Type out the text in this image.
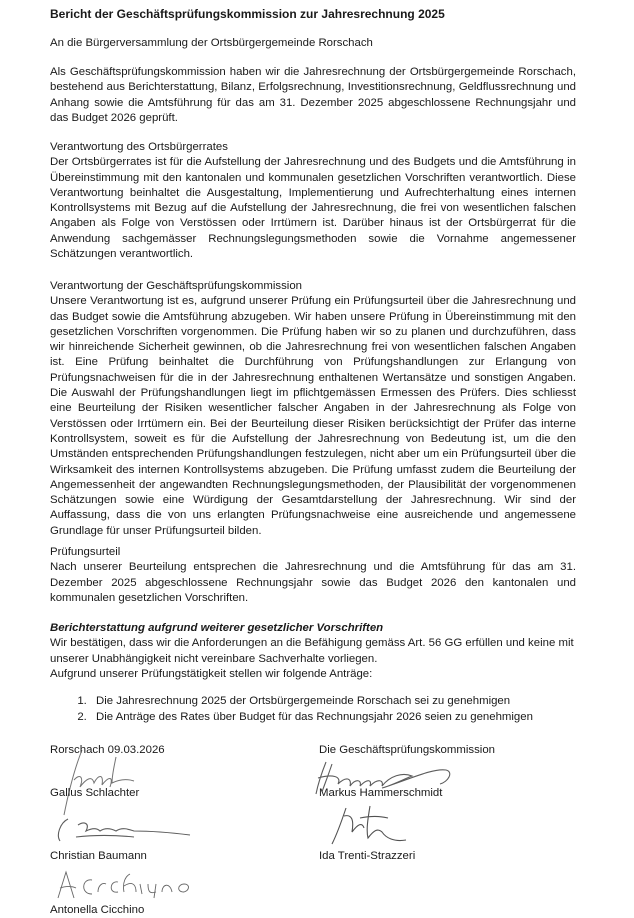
Bericht der Geschäftsprüfungskommission zur Jahresrechnung 2025
An die Bürgerversammlung der Ortsbürgergemeinde Rorschach
Als Geschäftsprüfungskommission haben wir die Jahresrechnung der Ortsbürgergemeinde Rorschach, bestehend aus Berichterstattung, Bilanz, Erfolgsrechnung, Investitionsrechnung, Geldflussrechnung und Anhang sowie die Amtsführung für das am 31. Dezember 2025 abgeschlossene Rechnungsjahr und das Budget 2026 geprüft.
Verantwortung des Ortsbürgerrates
Der Ortsbürgerrates ist für die Aufstellung der Jahresrechnung und des Budgets und die Amtsführung in Übereinstimmung mit den kantonalen und kommunalen gesetzlichen Vorschriften verantwortlich. Diese Verantwortung beinhaltet die Ausgestaltung, Implementierung und Aufrechterhaltung eines internen Kontrollsystems mit Bezug auf die Aufstellung der Jahresrechnung, die frei von wesentlichen falschen Angaben als Folge von Verstössen oder Irrtümern ist. Darüber hinaus ist der Ortsbürgerrat für die Anwendung sachgemässer Rechnungslegungsmethoden sowie die Vornahme angemessener Schätzungen verantwortlich.
Verantwortung der Geschäftsprüfungskommission
Unsere Verantwortung ist es, aufgrund unserer Prüfung ein Prüfungsurteil über die Jahresrechnung und das Budget sowie die Amtsführung abzugeben. Wir haben unsere Prüfung in Übereinstimmung mit den gesetzlichen Vorschriften vorgenommen. Die Prüfung haben wir so zu planen und durchzuführen, dass wir hinreichende Sicherheit gewinnen, ob die Jahresrechnung frei von wesentlichen falschen Angaben ist. Eine Prüfung beinhaltet die Durchführung von Prüfungshandlungen zur Erlangung von Prüfungsnachweisen für die in der Jahresrechnung enthaltenen Wertansätze und sonstigen Angaben. Die Auswahl der Prüfungshandlungen liegt im pflichtgemässen Ermessen des Prüfers. Dies schliesst eine Beurteilung der Risiken wesentlicher falscher Angaben in der Jahresrechnung als Folge von Verstössen oder Irrtümern ein. Bei der Beurteilung dieser Risiken berücksichtigt der Prüfer das interne Kontrollsystem, soweit es für die Aufstellung der Jahresrechnung von Bedeutung ist, um die den Umständen entsprechenden Prüfungshandlungen festzulegen, nicht aber um ein Prüfungsurteil über die Wirksamkeit des internen Kontrollsystems abzugeben. Die Prüfung umfasst zudem die Beurteilung der Angemessenheit der angewandten Rechnungslegungsmethoden, der Plausibilität der vorgenommenen Schätzungen sowie eine Würdigung der Gesamtdarstellung der Jahresrechnung. Wir sind der Auffassung, dass die von uns erlangten Prüfungsnachweise eine ausreichende und angemessene Grundlage für unser Prüfungsurteil bilden.
Prüfungsurteil
Nach unserer Beurteilung entsprechen die Jahresrechnung und die Amtsführung für das am 31. Dezember 2025 abgeschlossene Rechnungsjahr sowie das Budget 2026 den kantonalen und kommunalen gesetzlichen Vorschriften.
Berichterstattung aufgrund weiterer gesetzlicher Vorschriften
Wir bestätigen, dass wir die Anforderungen an die Befähigung gemäss Art. 56 GG erfüllen und keine mit unserer Unabhängigkeit nicht vereinbare Sachverhalte vorliegen.
Aufgrund unserer Prüfungstätigkeit stellen wir folgende Anträge:
1. Die Jahresrechnung 2025 der Ortsbürgergemeinde Rorschach sei zu genehmigen
2. Die Anträge des Rates über Budget für das Rechnungsjahr 2026 seien zu genehmigen
Rorschach 09.03.2026	Die Geschäftsprüfungskommission
Gallus Schlachter	Markus Hammerschmidt
Christian Baumann	Ida Trenti-Strazzeri
Antonella Cicchino
